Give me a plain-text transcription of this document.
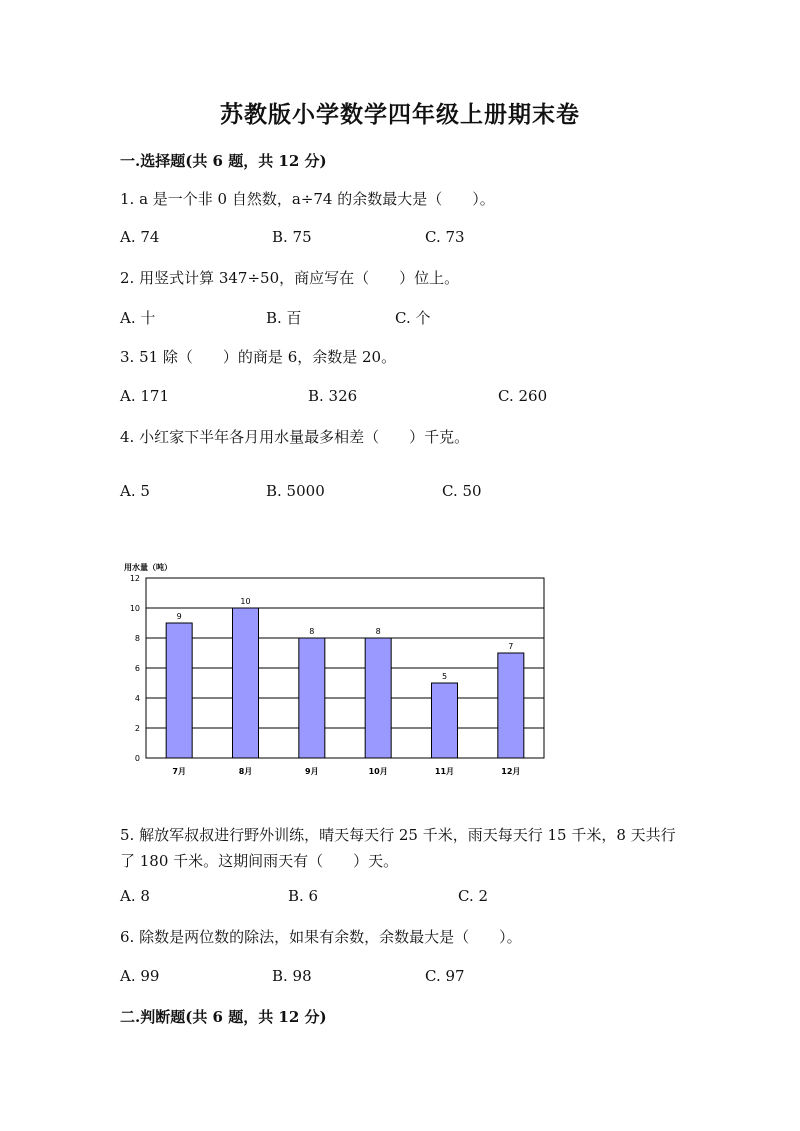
苏教版小学数学四年级上册期末卷
一.选择题(共 6 题，共 12 分)
1. a 是一个非 0 自然数，a÷74 的余数最大是（　　）。
A. 74	B. 75	C. 73
2. 用竖式计算 347÷50，商应写在（　　）位上。
A. 十	B. 百	C. 个
3. 51 除（　　）的商是 6，余数是 20。
A. 171	B. 326	C. 260
4. 小红家下半年各月用水量最多相差（　　）千克。
A. 5	B. 5000	C. 50
用水量（吨）
0
2
4
6
8
10
12
9
7月
10
8月
8
9月
8
10月
5
11月
7
12月
5. 解放军叔叔进行野外训练，晴天每天行 25 千米，雨天每天行 15 千米，8 天共行了 180 千米。这期间雨天有（　　）天。
A. 8	B. 6	C. 2
6. 除数是两位数的除法，如果有余数，余数最大是（　　）。
A. 99	B. 98	C. 97
二.判断题(共 6 题，共 12 分)
